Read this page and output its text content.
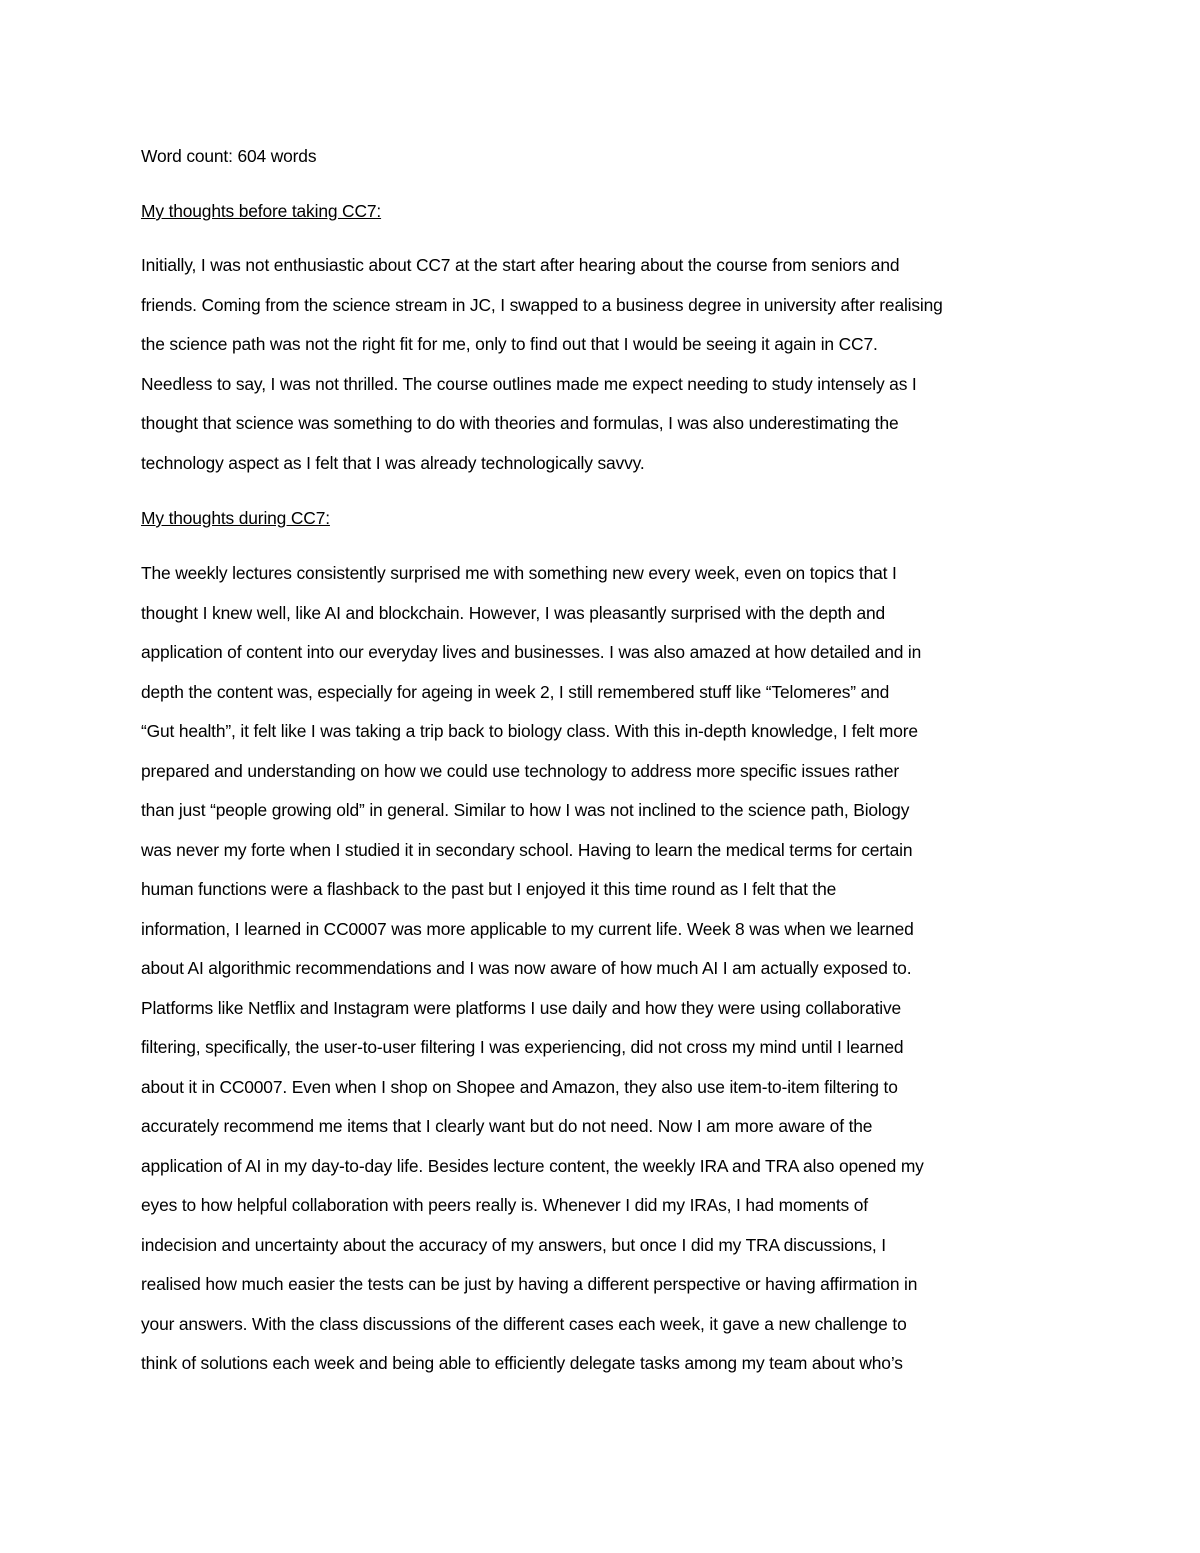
Word count: 604 words
My thoughts before taking CC7:
Initially, I was not enthusiastic about CC7 at the start after hearing about the course from seniors and
friends. Coming from the science stream in JC, I swapped to a business degree in university after realising
the science path was not the right fit for me, only to find out that I would be seeing it again in CC7.
Needless to say, I was not thrilled. The course outlines made me expect needing to study intensely as I
thought that science was something to do with theories and formulas, I was also underestimating the
technology aspect as I felt that I was already technologically savvy.
My thoughts during CC7:
The weekly lectures consistently surprised me with something new every week, even on topics that I
thought I knew well, like AI and blockchain. However, I was pleasantly surprised with the depth and
application of content into our everyday lives and businesses. I was also amazed at how detailed and in
depth the content was, especially for ageing in week 2, I still remembered stuff like “Telomeres” and
“Gut health”, it felt like I was taking a trip back to biology class. With this in-depth knowledge, I felt more
prepared and understanding on how we could use technology to address more specific issues rather
than just “people growing old” in general. Similar to how I was not inclined to the science path, Biology
was never my forte when I studied it in secondary school. Having to learn the medical terms for certain
human functions were a flashback to the past but I enjoyed it this time round as I felt that the
information, I learned in CC0007 was more applicable to my current life. Week 8 was when we learned
about AI algorithmic recommendations and I was now aware of how much AI I am actually exposed to.
Platforms like Netflix and Instagram were platforms I use daily and how they were using collaborative
filtering, specifically, the user-to-user filtering I was experiencing, did not cross my mind until I learned
about it in CC0007. Even when I shop on Shopee and Amazon, they also use item-to-item filtering to
accurately recommend me items that I clearly want but do not need. Now I am more aware of the
application of AI in my day-to-day life. Besides lecture content, the weekly IRA and TRA also opened my
eyes to how helpful collaboration with peers really is. Whenever I did my IRAs, I had moments of
indecision and uncertainty about the accuracy of my answers, but once I did my TRA discussions, I
realised how much easier the tests can be just by having a different perspective or having affirmation in
your answers. With the class discussions of the different cases each week, it gave a new challenge to
think of solutions each week and being able to efficiently delegate tasks among my team about who’s
